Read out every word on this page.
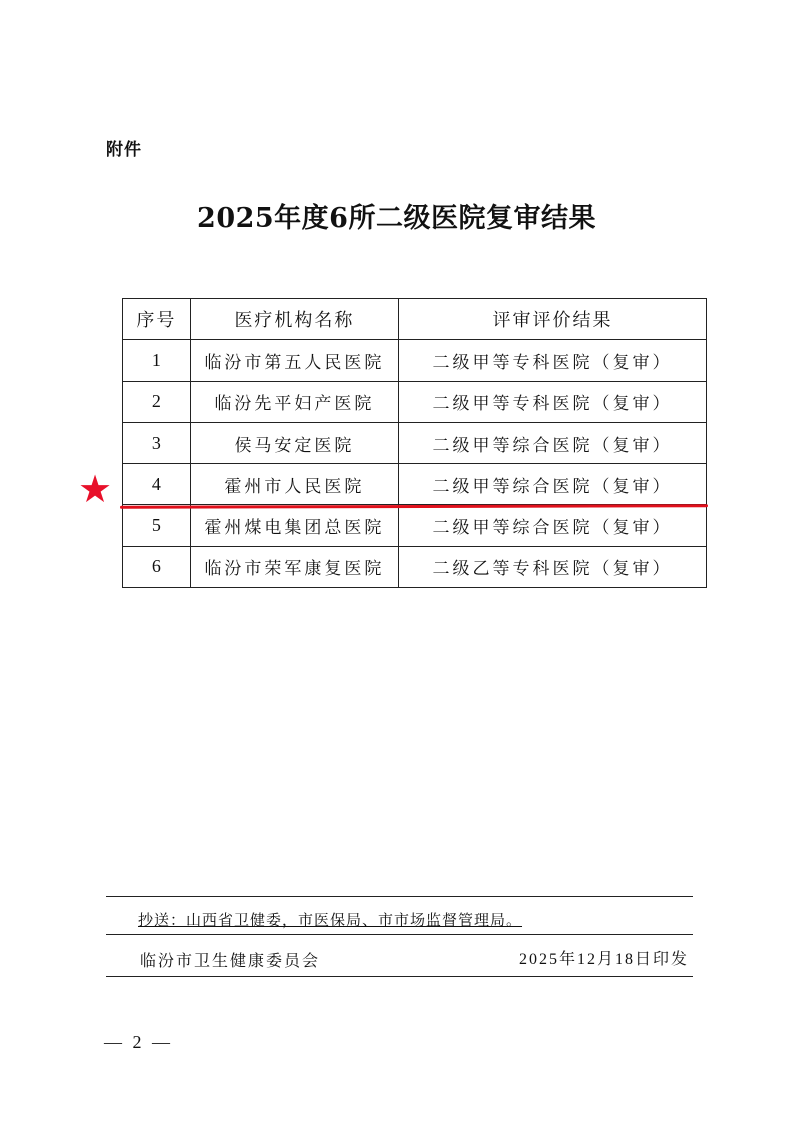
附件
2025年度6所二级医院复审结果
序号	医疗机构名称	评审评价结果
1	临汾市第五人民医院	二级甲等专科医院（复审）
2	临汾先平妇产医院	二级甲等专科医院（复审）
3	侯马安定医院	二级甲等综合医院（复审）
4	霍州市人民医院	二级甲等综合医院（复审）
5	霍州煤电集团总医院	二级甲等综合医院（复审）
6	临汾市荣军康复医院	二级乙等专科医院（复审）
★
抄送：山西省卫健委，市医保局、市市场监督管理局。
临汾市卫生健康委员会	2025年12月18日印发
— 2 —
